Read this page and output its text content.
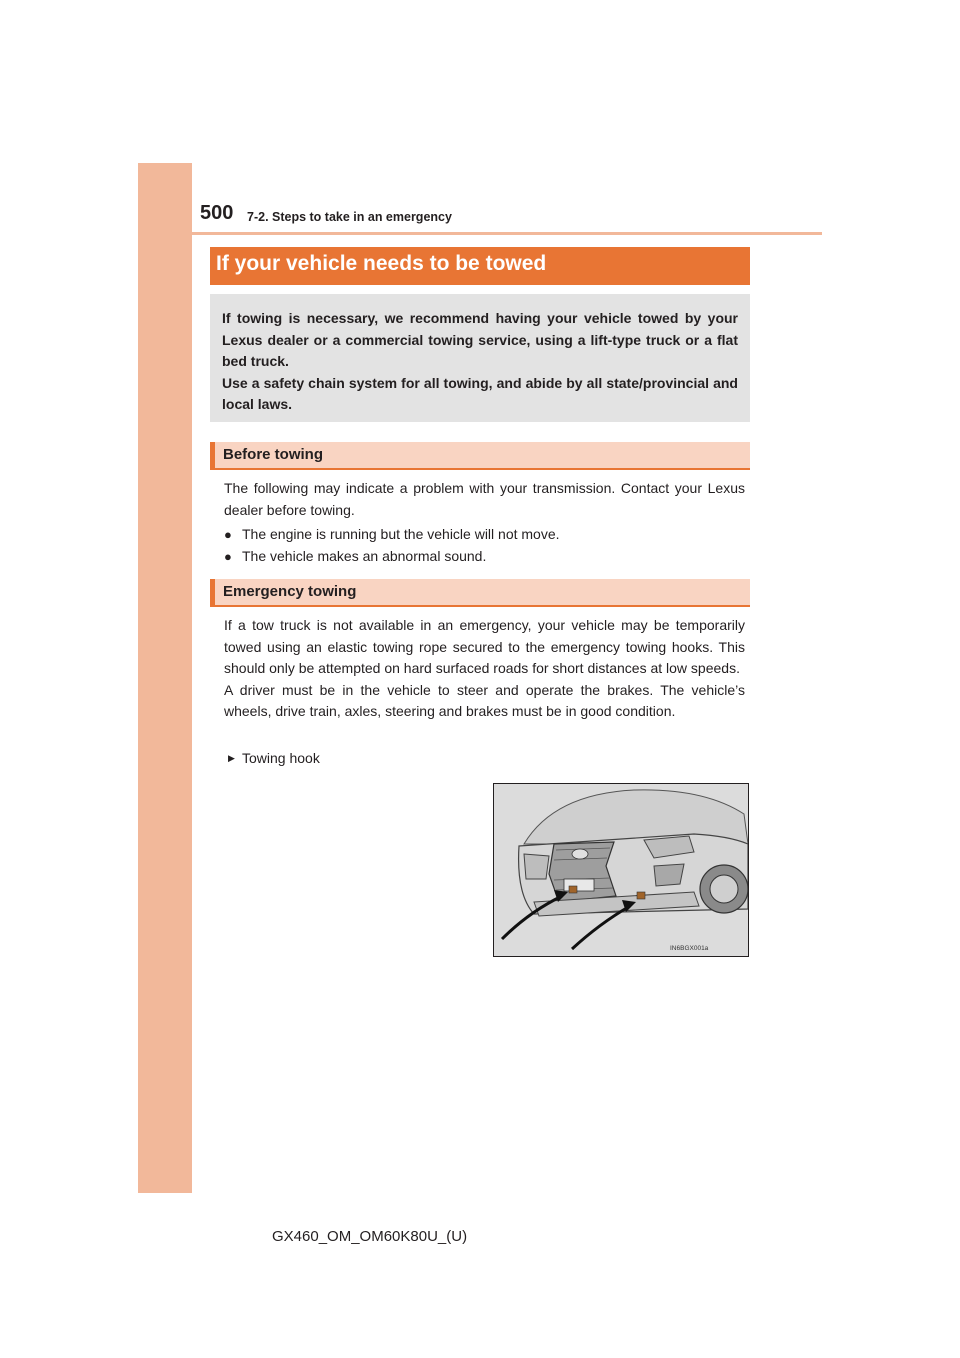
500 7-2. Steps to take in an emergency
If your vehicle needs to be towed

If towing is necessary, we recommend having your vehicle towed by your Lexus dealer or a commercial towing service, using a lift-type truck or a flat bed truck.

Use a safety chain system for all towing, and abide by all state/provincial and local laws.

Before towing

The following may indicate a problem with your transmission. Contact your Lexus dealer before towing.

● The engine is running but the vehicle will not move.
● The vehicle makes an abnormal sound.
Emergency towing

If a tow truck is not available in an emergency, your vehicle may be temporarily towed using an elastic towing rope secured to the emergency towing hooks. This should only be attempted on hard surfaced roads for short distances at low speeds.

A driver must be in the vehicle to steer and operate the brakes. The vehicle’s wheels, drive train, axles, steering and brakes must be in good condition.

▶ Towing hook
IN6BGX001a
GX460_OM_OM60K80U_(U)
